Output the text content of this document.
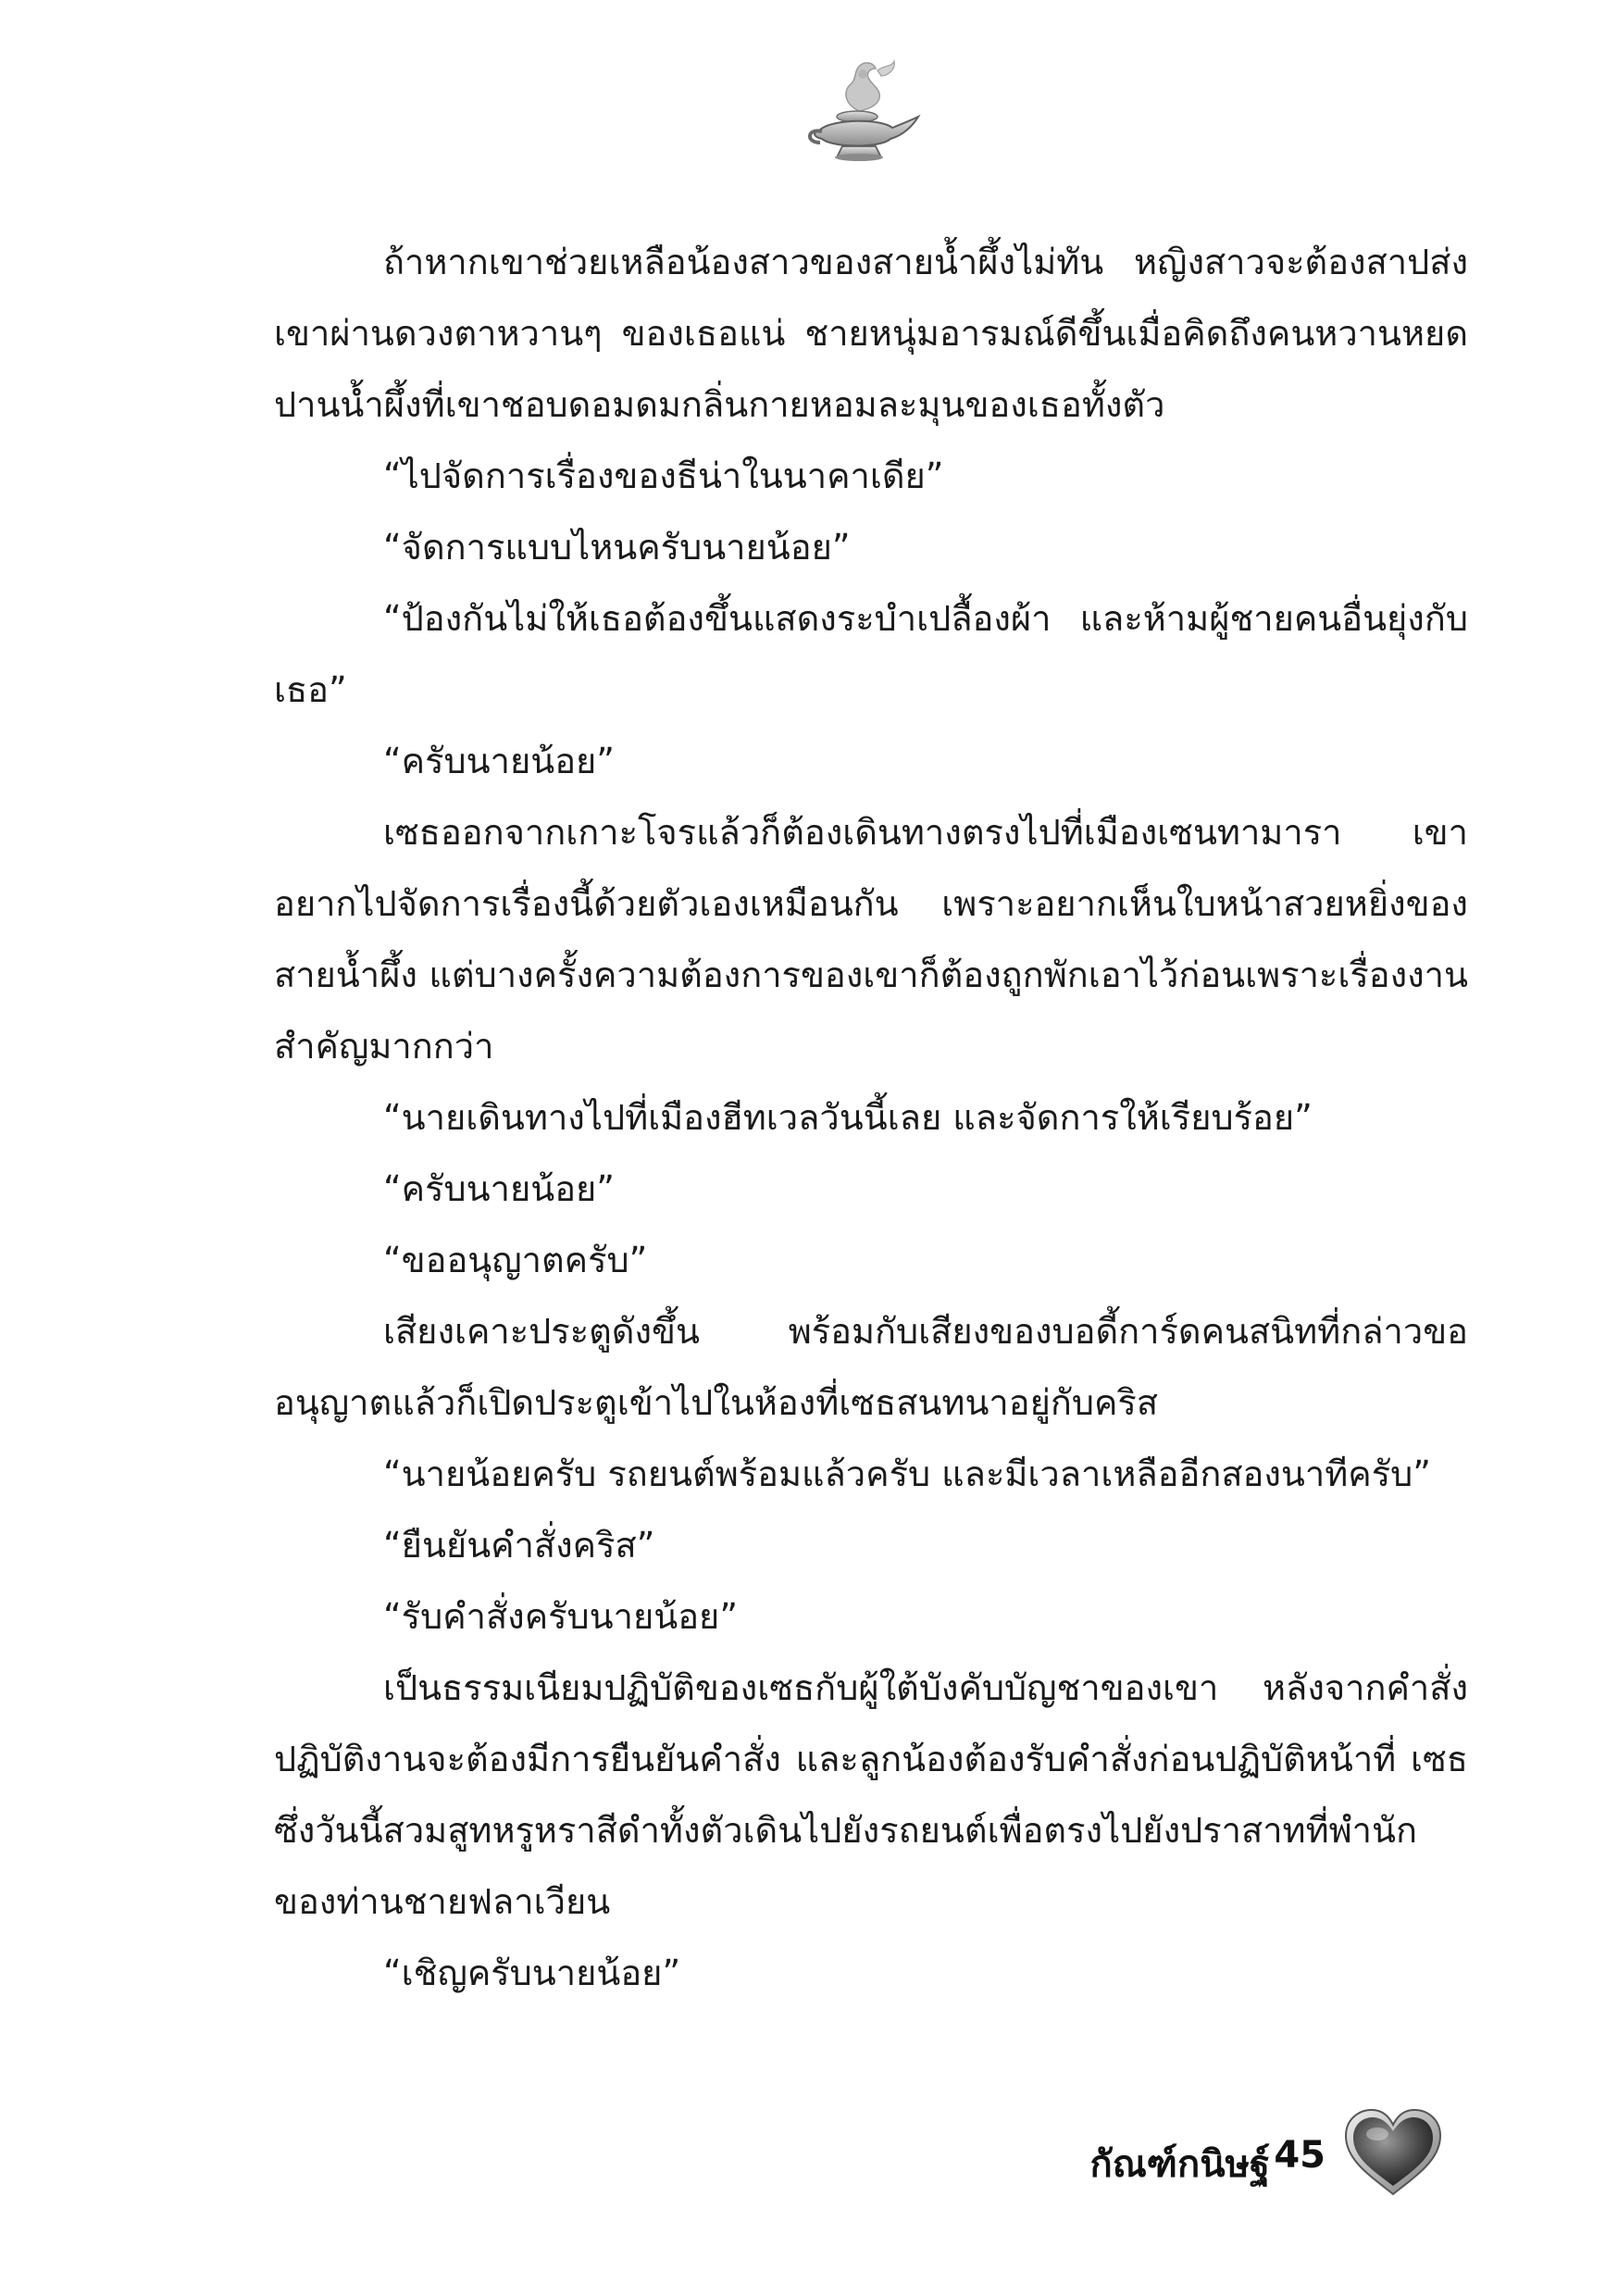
ถ้าหากเขาช่วยเหลือน้องสาวของสายน้ำผึ้งไม่ทัน หญิงสาวจะต้องสาปส่งเขาผ่านดวงตาหวานๆ ของเธอแน่ ชายหนุ่มอารมณ์ดีขึ้นเมื่อคิดถึงคนหวานหยดปานน้ำผึ้งที่เขาชอบดอมดมกลิ่นกายหอมละมุนของเธอทั้งตัว

“ไปจัดการเรื่องของธีน่าในนาคาเดีย”

“จัดการแบบไหนครับนายน้อย”

“ป้องกันไม่ให้เธอต้องขึ้นแสดงระบำเปลื้องผ้า และห้ามผู้ชายคนอื่นยุ่งกับเธอ”

“ครับนายน้อย”

เซธออกจากเกาะโจรแล้วก็ต้องเดินทางตรงไปที่เมืองเซนทามารา เขาอยากไปจัดการเรื่องนี้ด้วยตัวเองเหมือนกัน เพราะอยากเห็นใบหน้าสวยหยิ่งของสายน้ำผึ้ง แต่บางครั้งความต้องการของเขาก็ต้องถูกพักเอาไว้ก่อนเพราะเรื่องงานสำคัญมากกว่า

“นายเดินทางไปที่เมืองฮีทเวลวันนี้เลย และจัดการให้เรียบร้อย”

“ครับนายน้อย”

“ขออนุญาตครับ”

เสียงเคาะประตูดังขึ้น พร้อมกับเสียงของบอดี้การ์ดคนสนิทที่กล่าวขออนุญาตแล้วก็เปิดประตูเข้าไปในห้องที่เซธสนทนาอยู่กับคริส

“นายน้อยครับ รถยนต์พร้อมแล้วครับ และมีเวลาเหลืออีกสองนาทีครับ”

“ยืนยันคำสั่งคริส”

“รับคำสั่งครับนายน้อย”

เป็นธรรมเนียมปฏิบัติของเซธกับผู้ใต้บังคับบัญชาของเขา หลังจากคำสั่งปฏิบัติงานจะต้องมีการยืนยันคำสั่ง และลูกน้องต้องรับคำสั่งก่อนปฏิบัติหน้าที่ เซธซึ่งวันนี้สวมสูทหรูหราสีดำทั้งตัวเดินไปยังรถยนต์เพื่อตรงไปยังปราสาทที่พำนักของท่านชายฟลาเวียน

“เชิญครับนายน้อย”

กัณฑ์กนิษฐ์ 45
